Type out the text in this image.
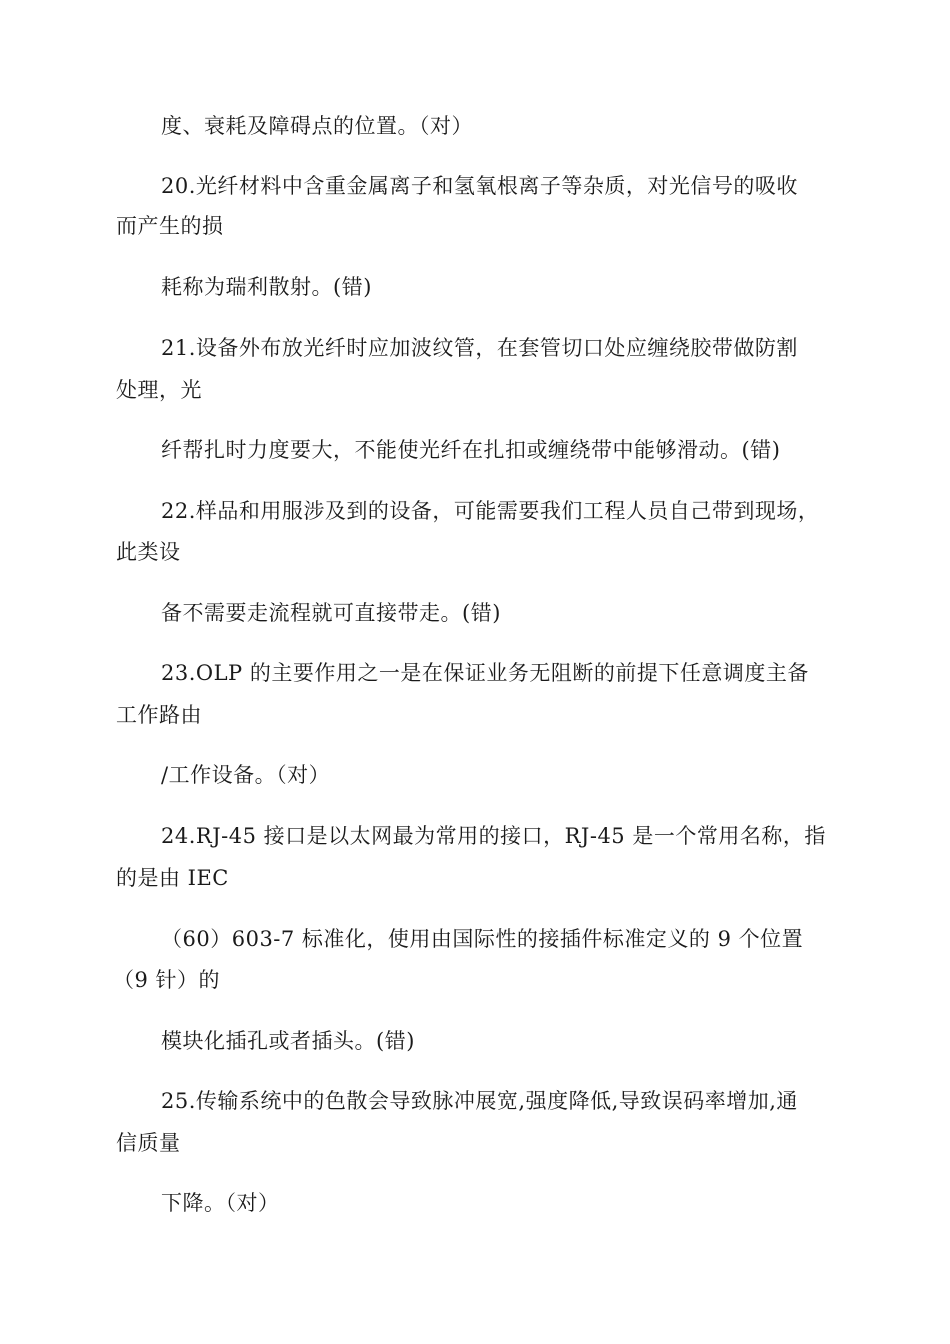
度、衰耗及障碍点的位置。（对）
20.光纤材料中含重金属离子和氢氧根离子等杂质，对光信号的吸收
而产生的损
耗称为瑞利散射。(错)
21.设备外布放光纤时应加波纹管，在套管切口处应缠绕胶带做防割
处理，光
纤帮扎时力度要大，不能使光纤在扎扣或缠绕带中能够滑动。(错)
22.样品和用服涉及到的设备，可能需要我们工程人员自己带到现场，
此类设
备不需要走流程就可直接带走。(错)
23.OLP 的主要作用之一是在保证业务无阻断的前提下任意调度主备
工作路由
/工作设备。（对）
24.RJ-45 接口是以太网最为常用的接口，RJ-45 是一个常用名称，指
的是由 IEC
（60）603-7 标准化，使用由国际性的接插件标准定义的 9 个位置
（9 针）的
模块化插孔或者插头。(错)
25.传输系统中的色散会导致脉冲展宽,强度降低,导致误码率增加,通
信质量
下降。（对）
